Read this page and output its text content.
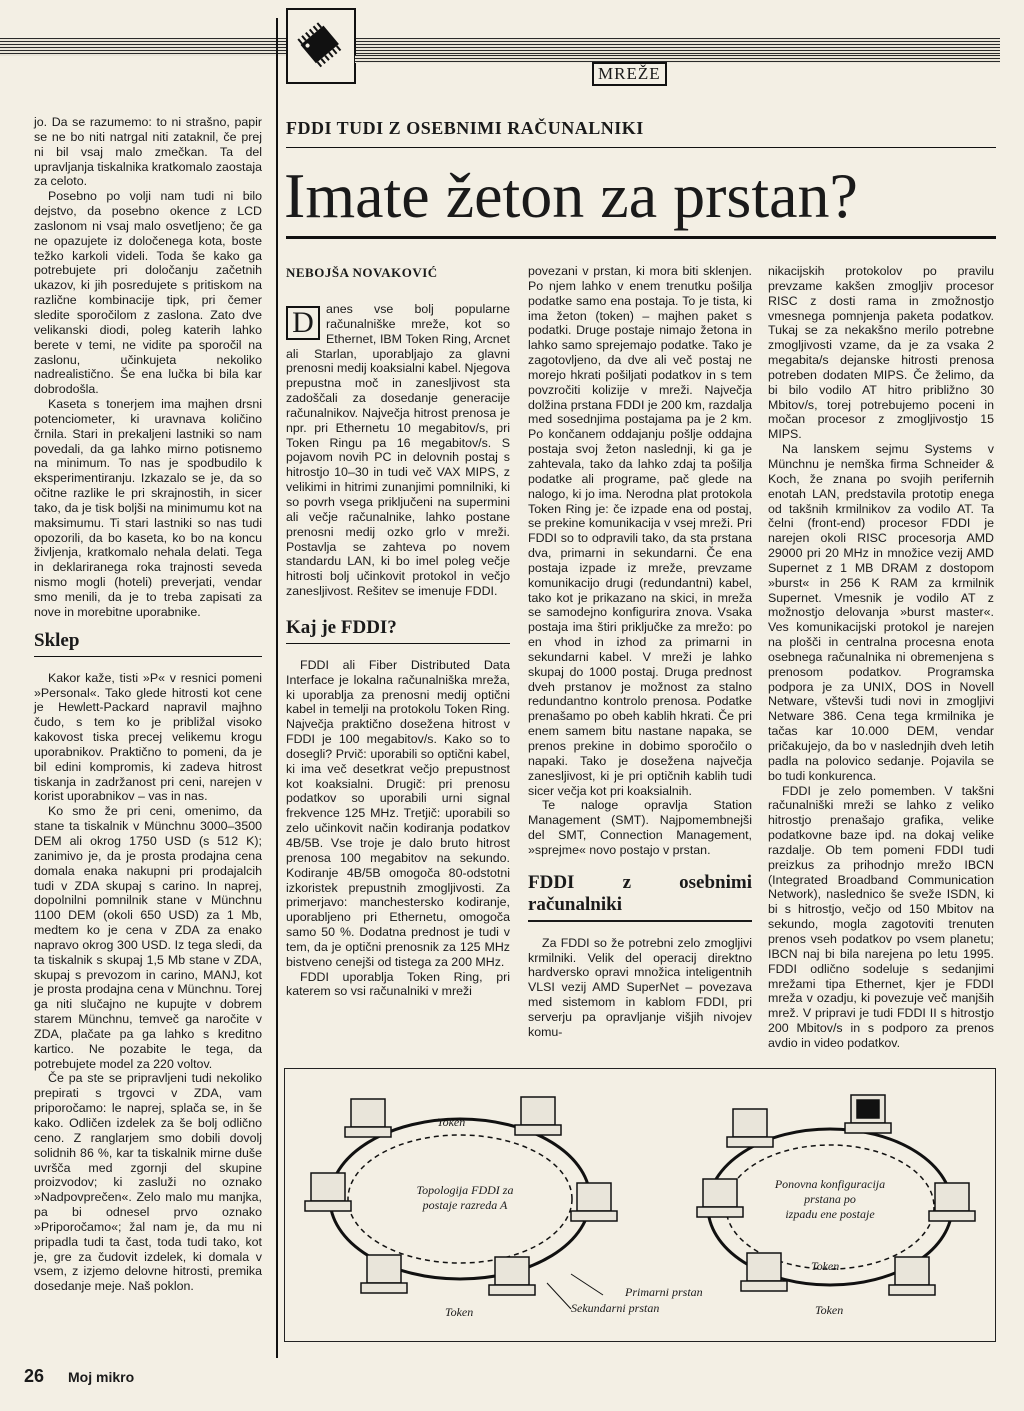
MREŽE
FDDI TUDI Z OSEBNIMI RAČUNALNIKI
Imate žeton za prstan?
NEBOJŠA NOVAKOVIĆ

jo. Da se razumemo: to ni strašno, papir se ne bo niti natrgal niti zataknil, če prej ni bil vsaj malo zmečkan. Ta del upravljanja tiskalnika kratkomalo zaostaja za celoto.

Posebno po volji nam tudi ni bilo dejstvo, da posebno okence z LCD zaslonom ni vsaj malo osvetljeno; če ga ne opazujete iz določenega kota, boste težko karkoli videli. Toda še kako ga potrebujete pri določanju začetnih ukazov, ki jih posredujete s pritiskom na različne kombinacije tipk, pri čemer sledite sporočilom z zaslona. Zato dve velikanski diodi, poleg katerih lahko berete v temi, ne vidite pa sporočil na zaslonu, učinkujeta nekoliko nadrealistično. Še ena lučka bi bila kar dobrodošla.

Kaseta s tonerjem ima majhen drsni potenciometer, ki uravnava količino črnila. Stari in prekaljeni lastniki so nam povedali, da ga lahko mirno potisnemo na minimum. To nas je spodbudilo k eksperimentiranju. Izkazalo se je, da so očitne razlike le pri skrajnostih, in sicer tako, da je tisk boljši na minimumu kot na maksimumu. Ti stari lastniki so nas tudi opozorili, da bo kaseta, ko bo na koncu življenja, kratkomalo nehala delati. Tega in deklariranega roka trajnosti seveda nismo mogli (hoteli) preverjati, vendar smo menili, da je to treba zapisati za nove in morebitne uporabnike.

Sklep

Kakor kaže, tisti »P« v resnici pomeni »Personal«. Tako glede hitrosti kot cene je Hewlett-Packard napravil majhno čudo, s tem ko je približal visoko kakovost tiska precej velikemu krogu uporabnikov. Praktično to pomeni, da je bil edini kompromis, ki zadeva hitrost tiskanja in zadržanost pri ceni, narejen v korist uporabnikov – vas in nas.

Ko smo že pri ceni, omenimo, da stane ta tiskalnik v Münchnu 3000–3500 DEM ali okrog 1750 USD (s 512 K); zanimivo je, da je prosta prodajna cena domala enaka nakupni pri prodajalcih tudi v ZDA skupaj s carino. In naprej, dopolnilni pomnilnik stane v Münchnu 1100 DEM (okoli 650 USD) za 1 Mb, medtem ko je cena v ZDA za enako napravo okrog 300 USD. Iz tega sledi, da ta tiskalnik s skupaj 1,5 Mb stane v ZDA, skupaj s prevozom in carino, MANJ, kot je prosta prodajna cena v Münchnu. Torej ga niti slučajno ne kupujte v dobrem starem Münchnu, temveč ga naročite v ZDA, plačate pa ga lahko s kreditno kartico. Ne pozabite le tega, da potrebujete model za 220 voltov.

Če pa ste se pripravljeni tudi nekoliko prepirati s trgovci v ZDA, vam priporočamo: le naprej, splača se, in še kako. Odličen izdelek za še bolj odlično ceno. Z ranglarjem smo dobili dovolj solidnih 86 %, kar ta tiskalnik mirne duše uvršča med zgornji del skupine proizvodov; ki zasluži no oznako »Nadpovprečen«. Zelo malo mu manjka, pa bi odnesel prvo oznako »Priporočamo«; žal nam je, da mu ni pripadla tudi ta čast, toda tudi tako, kot je, gre za čudovit izdelek, ki domala v vsem, z izjemo delovne hitrosti, premika dosedanje meje. Naš poklon.

D anes vse bolj popularne računalniške mreže, kot so Ethernet, IBM Token Ring, Arcnet ali Starlan, uporabljajo za glavni prenosni medij koaksialni kabel. Njegova prepustna moč in zanesljivost sta zadoščali za dosedanje generacije računalnikov. Največja hitrost prenosa je npr. pri Ethernetu 10 megabitov/s, pri Token Ringu pa 16 megabitov/s. S pojavom novih PC in delovnih postaj s hitrostjo 10–30 in tudi več VAX MIPS, z velikimi in hitrimi zunanjimi pomnilniki, ki so povrh vsega priključeni na supermini ali večje računalnike, lahko postane prenosni medij ozko grlo v mreži. Postavlja se zahteva po novem standardu LAN, ki bo imel poleg večje hitrosti bolj učinkovit protokol in večjo zanesljivost. Rešitev se imenuje FDDI.

Kaj je FDDI?

FDDI ali Fiber Distributed Data Interface je lokalna računalniška mreža, ki uporablja za prenosni medij optični kabel in temelji na protokolu Token Ring. Največja praktično dosežena hitrost v FDDI je 100 megabitov/s. Kako so to dosegli? Prvič: uporabili so optični kabel, ki ima več desetkrat večjo prepustnost kot koaksialni. Drugič: pri prenosu podatkov so uporabili urni signal frekvence 125 MHz. Tretjič: uporabili so zelo učinkovit način kodiranja podatkov 4B/5B. Vse troje je dalo bruto hitrost prenosa 100 megabitov na sekundo. Kodiranje 4B/5B omogoča 80-odstotni izkoristek prepustnih zmogljivosti. Za primerjavo: manchestersko kodiranje, uporabljeno pri Ethernetu, omogoča samo 50 %. Dodatna prednost je tudi v tem, da je optični prenosnik za 125 MHz bistveno cenejši od tistega za 200 MHz.

FDDI uporablja Token Ring, pri katerem so vsi računalniki v mreži

povezani v prstan, ki mora biti sklenjen. Po njem lahko v enem trenutku pošilja podatke samo ena postaja. To je tista, ki ima žeton (token) – majhen paket s podatki. Druge postaje nimajo žetona in lahko samo sprejemajo podatke. Tako je zagotovljeno, da dve ali več postaj ne morejo hkrati pošiljati podatkov in s tem povzročiti kolizije v mreži. Največja dolžina prstana FDDI je 200 km, razdalja med sosednjima postajama pa je 2 km. Po končanem oddajanju pošlje oddajna postaja svoj žeton naslednji, ki ga je zahtevala, tako da lahko zdaj ta pošilja podatke ali programe, pač glede na nalogo, ki jo ima. Nerodna plat protokola Token Ring je: če izpade ena od postaj, se prekine komunikacija v vsej mreži. Pri FDDI so to odpravili tako, da sta prstana dva, primarni in sekundarni. Če ena postaja izpade iz mreže, prevzame komunikacijo drugi (redundantni) kabel, tako kot je prikazano na skici, in mreža se samodejno konfigurira znova. Vsaka postaja ima štiri priključke za mrežo: po en vhod in izhod za primarni in sekundarni kabel. V mreži je lahko skupaj do 1000 postaj. Druga prednost dveh prstanov je možnost za stalno redundantno kontrolo prenosa. Podatke prenašamo po obeh kablih hkrati. Če pri enem samem bitu nastane napaka, se prenos prekine in dobimo sporočilo o napaki. Tako je dosežena največja zanesljivost, ki je pri optičnih kablih tudi sicer večja kot pri koaksialnih.

Te naloge opravlja Station Management (SMT). Najpomembnejši del SMT, Connection Management, »sprejme« novo postajo v prstan.

FDDI z osebnimi računalniki

Za FDDI so že potrebni zelo zmogljivi krmilniki. Velik del operacij direktno hardversko opravi množica inteligentnih VLSI vezij AMD SuperNet – povezava med sistemom in kablom FDDI, pri serverju pa opravljanje višjih nivojev komu-

nikacijskih protokolov po pravilu prevzame kakšen zmogljiv procesor RISC z dosti rama in zmožnostjo vmesnega pomnjenja paketa podatkov. Tukaj se za nekakšno merilo potrebne zmogljivosti vzame, da je za vsaka 2 megabita/s dejanske hitrosti prenosa potreben dodaten MIPS. Če želimo, da bi bilo vodilo AT hitro približno 30 Mbitov/s, torej potrebujemo poceni in močan procesor z zmogljivostjo 15 MIPS.

Na lanskem sejmu Systems v Münchnu je nemška firma Schneider & Koch, že znana po svojih perifernih enotah LAN, predstavila prototip enega od takšnih krmilnikov za vodilo AT. Ta čelni (front-end) procesor FDDI je narejen okoli RISC procesorja AMD 29000 pri 20 MHz in množice vezij AMD Supernet z 1 MB DRAM z dostopom »burst« in 256 K RAM za krmilnik Supernet. Vmesnik je vodilo AT z možnostjo delovanja »burst master«. Ves komunikacijski protokol je narejen na plošči in centralna procesna enota osebnega računalnika ni obremenjena s prenosom podatkov. Programska podpora je za UNIX, DOS in Novell Netware, vštevši tudi novi in zmogljivi Netware 386. Cena tega krmilnika je tačas kar 10.000 DEM, vendar pričakujejo, da bo v naslednjih dveh letih padla na polovico sedanje. Pojavila se bo tudi konkurenca.

FDDI je zelo pomemben. V takšni računalniški mreži se lahko z veliko hitrostjo prenašajo grafika, velike podatkovne baze ipd. na dokaj velike razdalje. Ob tem pomeni FDDI tudi preizkus za prihodnjo mrežo IBCN (Integrated Broadband Communication Network), naslednico še sveže ISDN, ki bi s hitrostjo, večjo od 150 Mbitov na sekundo, mogla zagotoviti trenuten prenos vseh podatkov po vsem planetu; IBCN naj bi bila narejena po letu 1995. FDDI odlično sodeluje s sedanjimi mrežami tipa Ethernet, kjer je FDDI mreža v ozadju, ki povezuje več manjših mrež. V pripravi je tudi FDDI II s hitrostjo 200 Mbitov/s in s podporo za prenos avdio in video podatkov.

Token
Topologija FDDI za
postaje razreda A
Token
Primarni prstan
Sekundarni prstan
Ponovna konfiguracija
prstana po
izpadu ene postaje
Token
Token
26 Moj mikro
